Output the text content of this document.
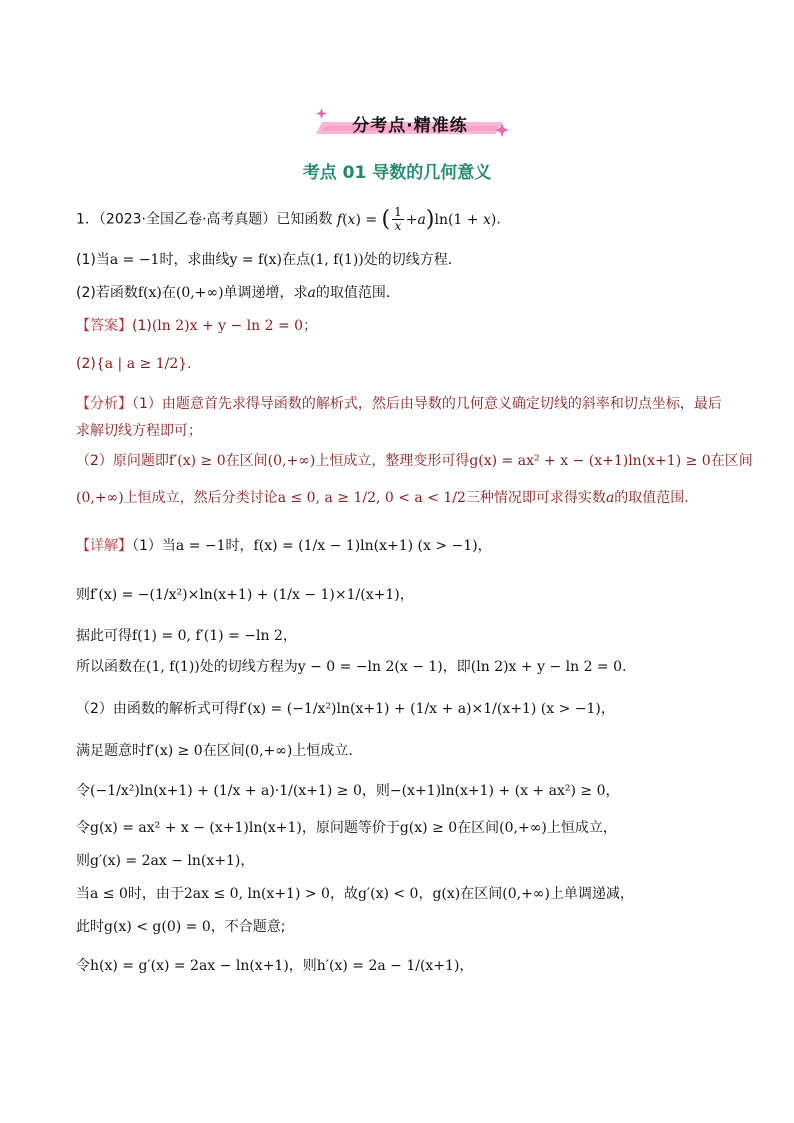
分考点·精准练
考点 01 导数的几何意义
1．（2023·全国乙卷·高考真题）已知函数 f(x) = ( $\frac{1}{x} +a)\ln(1 + x)$.
(1)当a = −1时，求曲线y = f(x)在点(1, f(1))处的切线方程．
(2)若函数f(x)在(0,+∞)单调递增，求a的取值范围．
【答案】(1)(ln 2)x + y − ln 2 = 0；
(2){a | a ≥ 1/2}.
【分析】（1）由题意首先求得导函数的解析式，然后由导数的几何意义确定切线的斜率和切点坐标，最后
求解切线方程即可；
（2）原问题即f′(x) ≥ 0在区间(0,+∞)上恒成立，整理变形可得g(x) = ax² + x − (x+1)ln(x+1) ≥ 0在区间
(0,+∞)上恒成立，然后分类讨论a ≤ 0, a ≥ 1/2, 0 < a < 1/2三种情况即可求得实数a的取值范围.
【详解】（1）当a = −1时，f(x) = (1/x − 1)ln(x+1) (x > −1)，
则f′(x) = −(1/x²)×ln(x+1) + (1/x − 1)×1/(x+1)，
据此可得f(1) = 0, f′(1) = −ln 2，
所以函数在(1, f(1))处的切线方程为y − 0 = −ln 2(x − 1)，即(ln 2)x + y − ln 2 = 0.
（2）由函数的解析式可得f′(x) = (−1/x²)ln(x+1) + (1/x + a)×1/(x+1) (x > −1)，
满足题意时f′(x) ≥ 0在区间(0,+∞)上恒成立.
令(−1/x²)ln(x+1) + (1/x + a)·1/(x+1) ≥ 0，则−(x+1)ln(x+1) + (x + ax²) ≥ 0，
令g(x) = ax² + x − (x+1)ln(x+1)，原问题等价于g(x) ≥ 0在区间(0,+∞)上恒成立，
则g′(x) = 2ax − ln(x+1)，
当a ≤ 0时，由于2ax ≤ 0, ln(x+1) > 0，故g′(x) < 0，g(x)在区间(0,+∞)上单调递减，
此时g(x) < g(0) = 0，不合题意;
令h(x) = g′(x) = 2ax − ln(x+1)，则h′(x) = 2a − 1/(x+1)，
